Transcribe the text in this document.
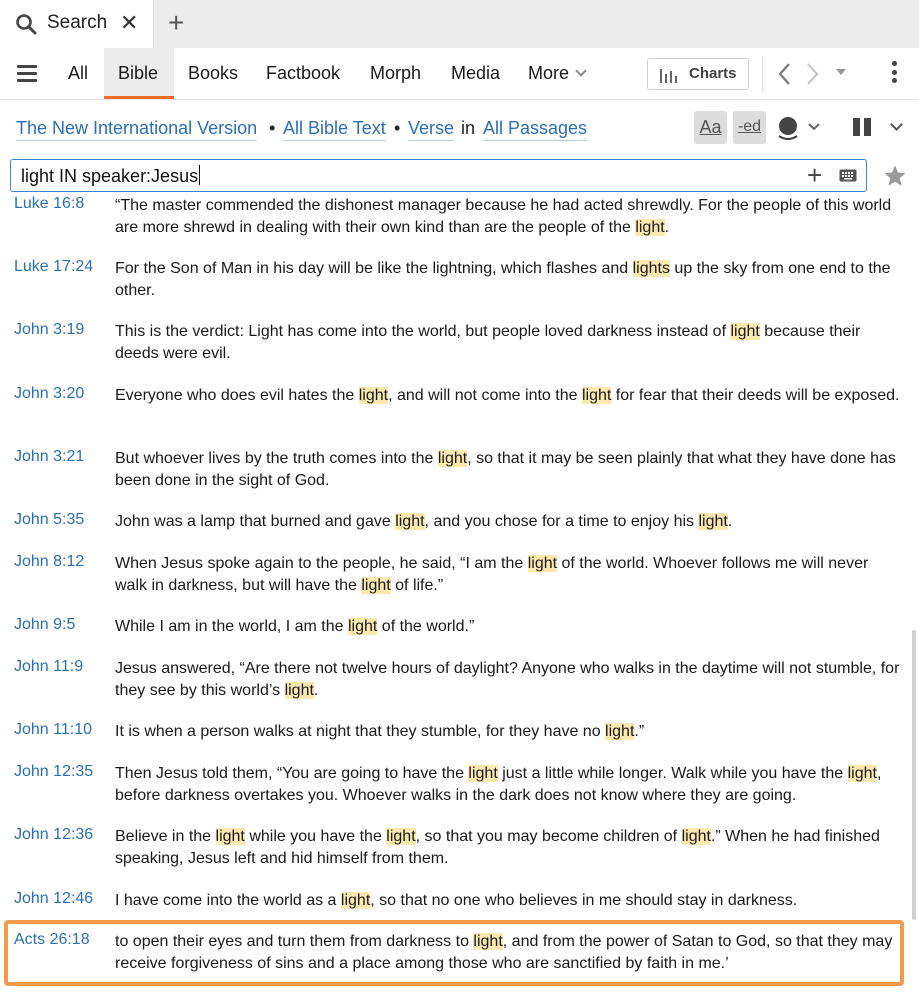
Search ✕ +
All Bible Books Factbook Morph Media More	Charts
The New International Version • All Bible Text • Verse in All Passages	Aa	-ed
light IN speaker:Jesus	+
Luke 16:8 “The master commended the dishonest manager because he had acted shrewdly. For the people of this world are more shrewd in dealing with their own kind than are the people of the light.
Luke 17:24 For the Son of Man in his day will be like the lightning, which flashes and lights up the sky from one end to the other.
John 3:19 This is the verdict: Light has come into the world, but people loved darkness instead of light because their deeds were evil.
John 3:20 Everyone who does evil hates the light, and will not come into the light for fear that their deeds will be exposed.
John 3:21 But whoever lives by the truth comes into the light, so that it may be seen plainly that what they have done has been done in the sight of God.
John 5:35 John was a lamp that burned and gave light, and you chose for a time to enjoy his light.
John 8:12 When Jesus spoke again to the people, he said, “I am the light of the world. Whoever follows me will never walk in darkness, but will have the light of life.”
John 9:5 While I am in the world, I am the light of the world.”
John 11:9 Jesus answered, “Are there not twelve hours of daylight? Anyone who walks in the daytime will not stumble, for they see by this world’s light.
John 11:10 It is when a person walks at night that they stumble, for they have no light.”
John 12:35 Then Jesus told them, “You are going to have the light just a little while longer. Walk while you have the light, before darkness overtakes you. Whoever walks in the dark does not know where they are going.
John 12:36 Believe in the light while you have the light, so that you may become children of light.” When he had finished speaking, Jesus left and hid himself from them.
John 12:46 I have come into the world as a light, so that no one who believes in me should stay in darkness.
Acts 26:18 to open their eyes and turn them from darkness to light, and from the power of Satan to God, so that they may receive forgiveness of sins and a place among those who are sanctified by faith in me.’
